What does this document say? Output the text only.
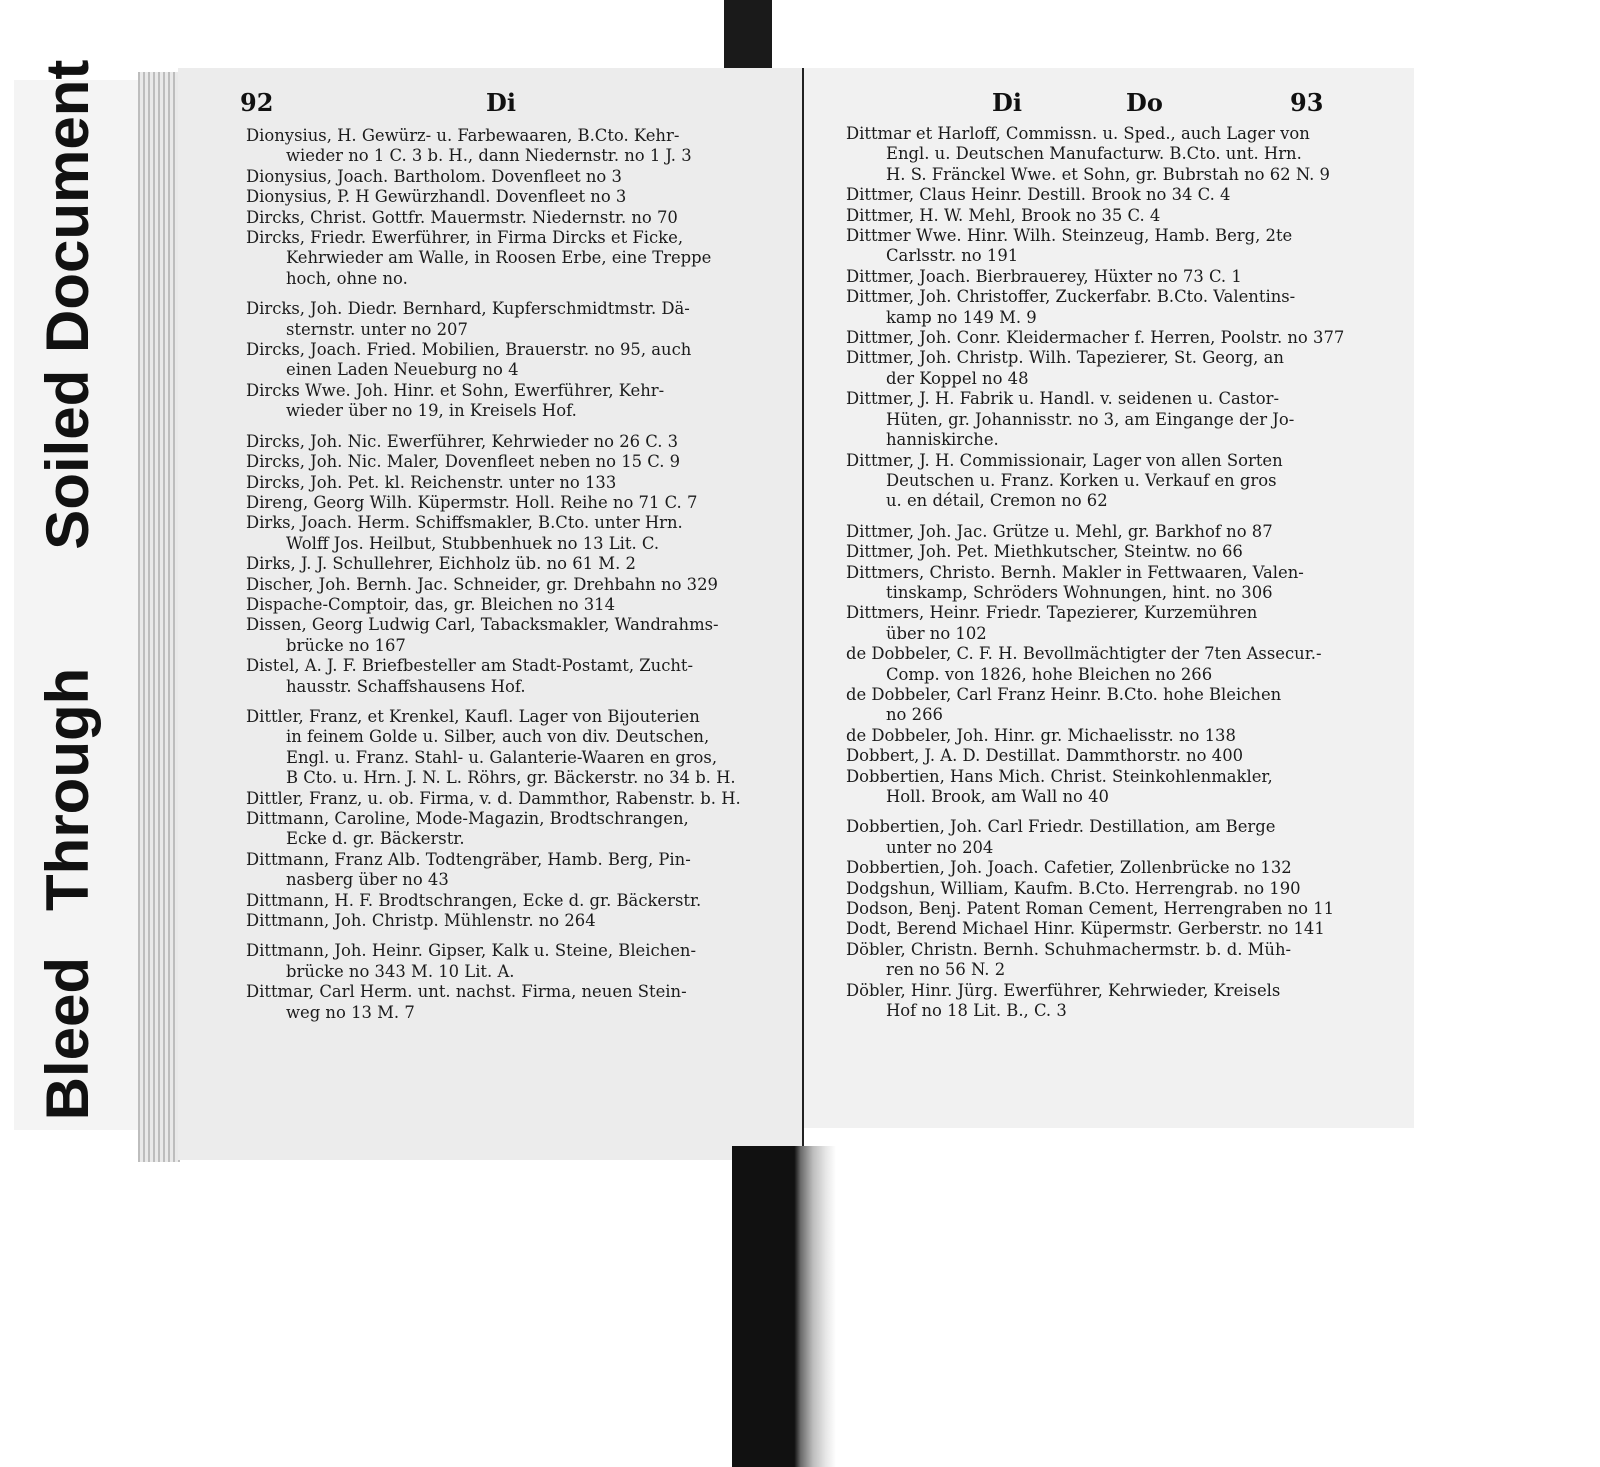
BleedThroughSoiled Document	92	Di
Dionysius, H. Gewürz- u. Farbewaaren, B.Cto. Kehr-
wieder no 1 C. 3 b. H., dann Niedernstr. no 1 J. 3
Dionysius, Joach. Bartholom. Dovenfleet no 3
Dionysius, P. H Gewürzhandl. Dovenfleet no 3
Dircks, Christ. Gottfr. Mauermstr. Niedernstr. no 70
Dircks, Friedr. Ewerführer, in Firma Dircks et Ficke,
Kehrwieder am Walle, in Roosen Erbe, eine Treppe
hoch, ohne no.
Dircks, Joh. Diedr. Bernhard, Kupferschmidtmstr. Dä-
sternstr. unter no 207
Dircks, Joach. Fried. Mobilien, Brauerstr. no 95, auch
einen Laden Neueburg no 4
Dircks Wwe. Joh. Hinr. et Sohn, Ewerführer, Kehr-
wieder über no 19, in Kreisels Hof.
Dircks, Joh. Nic. Ewerführer, Kehrwieder no 26 C. 3
Dircks, Joh. Nic. Maler, Dovenfleet neben no 15 C. 9
Dircks, Joh. Pet. kl. Reichenstr. unter no 133
Direng, Georg Wilh. Küpermstr. Holl. Reihe no 71 C. 7
Dirks, Joach. Herm. Schiffsmakler, B.Cto. unter Hrn.
Wolff Jos. Heilbut, Stubbenhuek no 13 Lit. C.
Dirks, J. J. Schullehrer, Eichholz üb. no 61 M. 2
Discher, Joh. Bernh. Jac. Schneider, gr. Drehbahn no 329
Dispache-Comptoir, das, gr. Bleichen no 314
Dissen, Georg Ludwig Carl, Tabacksmakler, Wandrahms-
brücke no 167
Distel, A. J. F. Briefbesteller am Stadt-Postamt, Zucht-
hausstr. Schaffshausens Hof.
Dittler, Franz, et Krenkel, Kaufl. Lager von Bijouterien
in feinem Golde u. Silber, auch von div. Deutschen,
Engl. u. Franz. Stahl- u. Galanterie-Waaren en gros,
B Cto. u. Hrn. J. N. L. Röhrs, gr. Bäckerstr. no 34 b. H.
Dittler, Franz, u. ob. Firma, v. d. Dammthor, Rabenstr. b. H.
Dittmann, Caroline, Mode-Magazin, Brodtschrangen,
Ecke d. gr. Bäckerstr.
Dittmann, Franz Alb. Todtengräber, Hamb. Berg, Pin-
nasberg über no 43
Dittmann, H. F. Brodtschrangen, Ecke d. gr. Bäckerstr.
Dittmann, Joh. Christp. Mühlenstr. no 264
Dittmann, Joh. Heinr. Gipser, Kalk u. Steine, Bleichen-
brücke no 343 M. 10 Lit. A.
Dittmar, Carl Herm. unt. nachst. Firma, neuen Stein-
weg no 13 M. 7
Di	Do	93
Dittmar et Harloff, Commissn. u. Sped., auch Lager von
Engl. u. Deutschen Manufacturw. B.Cto. unt. Hrn.
H. S. Fränckel Wwe. et Sohn, gr. Bubrstah no 62 N. 9
Dittmer, Claus Heinr. Destill. Brook no 34 C. 4
Dittmer, H. W. Mehl, Brook no 35 C. 4
Dittmer Wwe. Hinr. Wilh. Steinzeug, Hamb. Berg, 2te
Carlsstr. no 191
Dittmer, Joach. Bierbrauerey, Hüxter no 73 C. 1
Dittmer, Joh. Christoffer, Zuckerfabr. B.Cto. Valentins-
kamp no 149 M. 9
Dittmer, Joh. Conr. Kleidermacher f. Herren, Poolstr. no 377
Dittmer, Joh. Christp. Wilh. Tapezierer, St. Georg, an
der Koppel no 48
Dittmer, J. H. Fabrik u. Handl. v. seidenen u. Castor-
Hüten, gr. Johannisstr. no 3, am Eingange der Jo-
hanniskirche.
Dittmer, J. H. Commissionair, Lager von allen Sorten
Deutschen u. Franz. Korken u. Verkauf en gros
u. en détail, Cremon no 62
Dittmer, Joh. Jac. Grütze u. Mehl, gr. Barkhof no 87
Dittmer, Joh. Pet. Miethkutscher, Steintw. no 66
Dittmers, Christo. Bernh. Makler in Fettwaaren, Valen-
tinskamp, Schröders Wohnungen, hint. no 306
Dittmers, Heinr. Friedr. Tapezierer, Kurzemühren
über no 102
de Dobbeler, C. F. H. Bevollmächtigter der 7ten Assecur.-
Comp. von 1826, hohe Bleichen no 266
de Dobbeler, Carl Franz Heinr. B.Cto. hohe Bleichen
no 266
de Dobbeler, Joh. Hinr. gr. Michaelisstr. no 138
Dobbert, J. A. D. Destillat. Dammthorstr. no 400
Dobbertien, Hans Mich. Christ. Steinkohlenmakler,
Holl. Brook, am Wall no 40
Dobbertien, Joh. Carl Friedr. Destillation, am Berge
unter no 204
Dobbertien, Joh. Joach. Cafetier, Zollenbrücke no 132
Dodgshun, William, Kaufm. B.Cto. Herrengrab. no 190
Dodson, Benj. Patent Roman Cement, Herrengraben no 11
Dodt, Berend Michael Hinr. Küpermstr. Gerberstr. no 141
Döbler, Christn. Bernh. Schuhmachermstr. b. d. Müh-
ren no 56 N. 2
Döbler, Hinr. Jürg. Ewerführer, Kehrwieder, Kreisels
Hof no 18 Lit. B., C. 3
